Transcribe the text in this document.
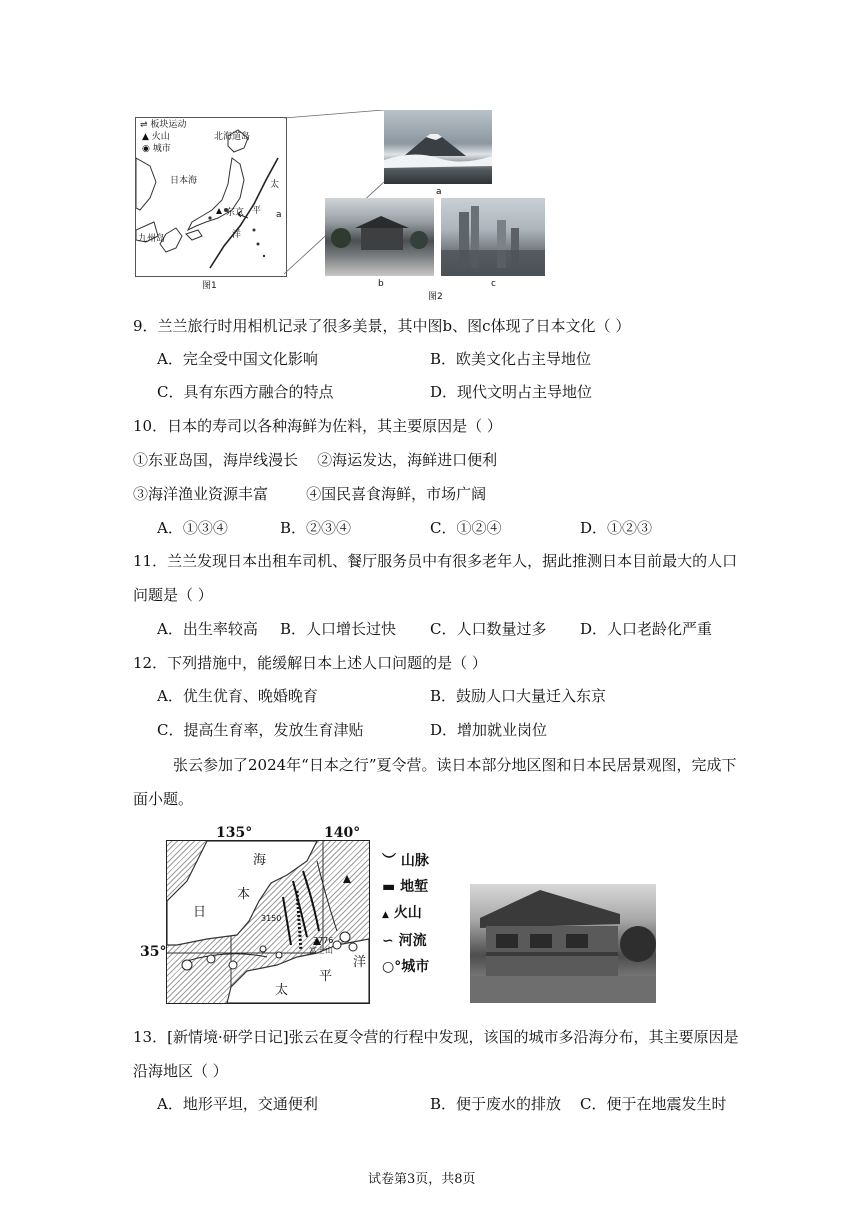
⇌ 板块运动
▲ 火山
◉ 城市
北海道岛
日本海
东京
太
平
洋
a
九州岛
图1
a
b	c
图2
9．兰兰旅行时用相机记录了很多美景，其中图b、图c体现了日本文化（ ）
A．完全受中国文化影响	B．欧美文化占主导地位
C．具有东西方融合的特点	D．现代文明占主导地位
10．日本的寿司以各种海鲜为佐料，其主要原因是（ ）
①东亚岛国，海岸线漫长    ②海运发达，海鲜进口便利
③海洋渔业资源丰富        ④国民喜食海鲜，市场广阔
A．①③④	B．②③④	C．①②④	D．①②③
11．兰兰发现日本出租车司机、餐厅服务员中有很多老年人，据此推测日本目前最大的人口
问题是（ ）
A．出生率较高 B．人口增长过快 C．人口数量过多 D．人口老龄化严重
12．下列措施中，能缓解日本上述人口问题的是（ ）
A．优生优育、晚婚晚育	B．鼓励人口大量迁入东京
C．提高生育率，发放生育津贴	D．增加就业岗位
张云参加了2024年“日本之行”夏令营。读日本部分地区图和日本民居景观图，完成下
面小题。
海
本
日
太
平
洋
3150
3776
富士山
135°	140°
35°
︶ 山脉
▬ 地堑
▲ 火山
∽ 河流
○°城市
13．[新情境·研学日记]张云在夏令营的行程中发现，该国的城市多沿海分布，其主要原因是
沿海地区（ ）
A．地形平坦，交通便利	B．便于废水的排放 C．便于在地震发生时
试卷第3页，共8页
